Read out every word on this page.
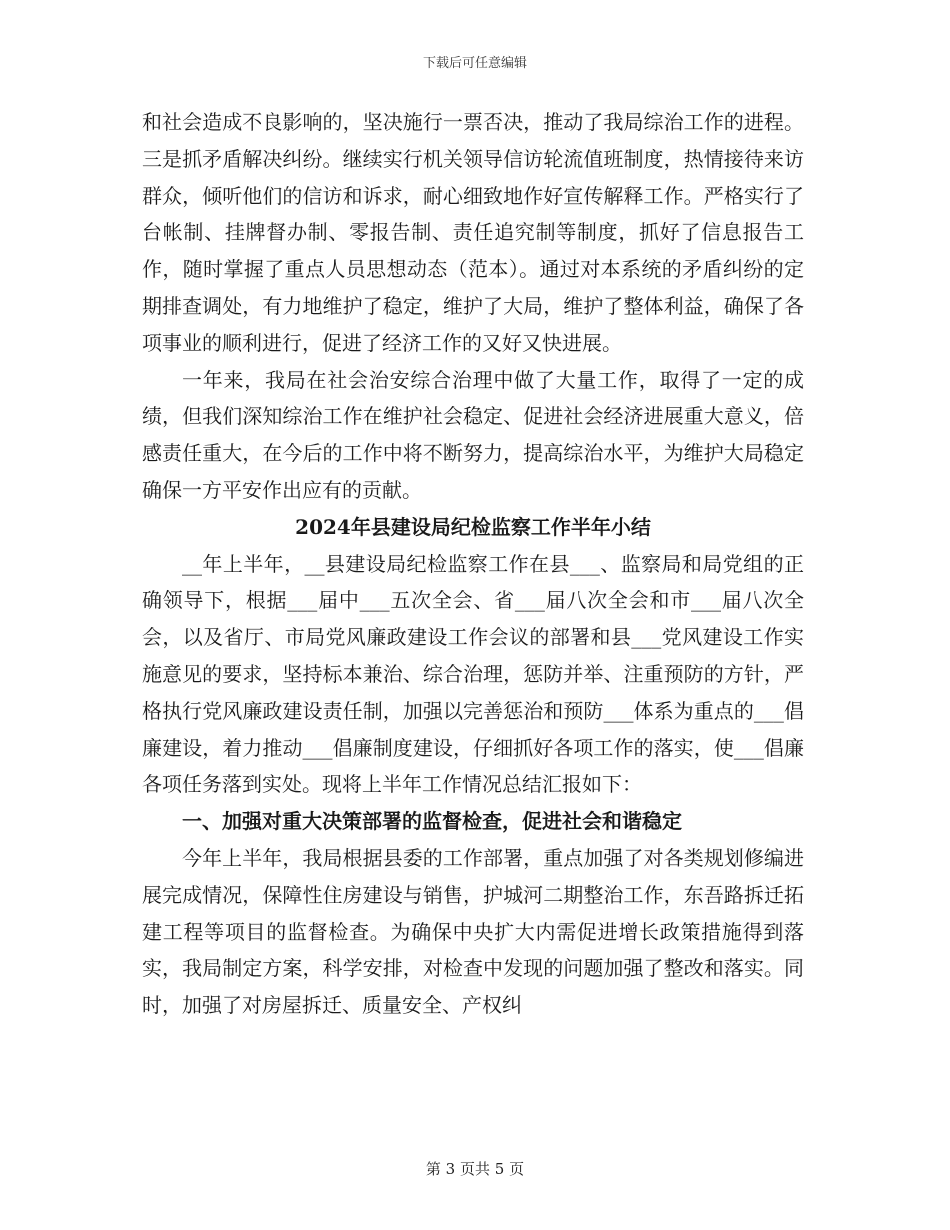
下载后可任意编辑

和社会造成不良影响的，坚决施行一票否决，推动了我局综治工作的进程。三是抓矛盾解决纠纷。继续实行机关领导信访轮流值班制度，热情接待来访群众，倾听他们的信访和诉求，耐心细致地作好宣传解释工作。严格实行了台帐制、挂牌督办制、零报告制、责任追究制等制度，抓好了信息报告工作，随时掌握了重点人员思想动态（范本）。通过对本系统的矛盾纠纷的定期排查调处，有力地维护了稳定，维护了大局，维护了整体利益，确保了各项事业的顺利进行，促进了经济工作的又好又快进展。

一年来，我局在社会治安综合治理中做了大量工作，取得了一定的成绩，但我们深知综治工作在维护社会稳定、促进社会经济进展重大意义，倍感责任重大，在今后的工作中将不断努力，提高综治水平，为维护大局稳定确保一方平安作出应有的贡献。

2024年县建设局纪检监察工作半年小结

__年上半年，__县建设局纪检监察工作在县___、监察局和局党组的正确领导下，根据___届中___五次全会、省___届八次全会和市___届八次全会，以及省厅、市局党风廉政建设工作会议的部署和县___党风建设工作实施意见的要求，坚持标本兼治、综合治理，惩防并举、注重预防的方针，严格执行党风廉政建设责任制，加强以完善惩治和预防___体系为重点的___倡廉建设，着力推动___倡廉制度建设，仔细抓好各项工作的落实，使___倡廉各项任务落到实处。现将上半年工作情况总结汇报如下：

一、加强对重大决策部署的监督检查，促进社会和谐稳定

今年上半年，我局根据县委的工作部署，重点加强了对各类规划修编进展完成情况，保障性住房建设与销售，护城河二期整治工作，东吾路拆迁拓建工程等项目的监督检查。为确保中央扩大内需促进增长政策措施得到落实，我局制定方案，科学安排，对检查中发现的问题加强了整改和落实。同时，加强了对房屋拆迁、质量安全、产权纠

第 3 页共 5 页
